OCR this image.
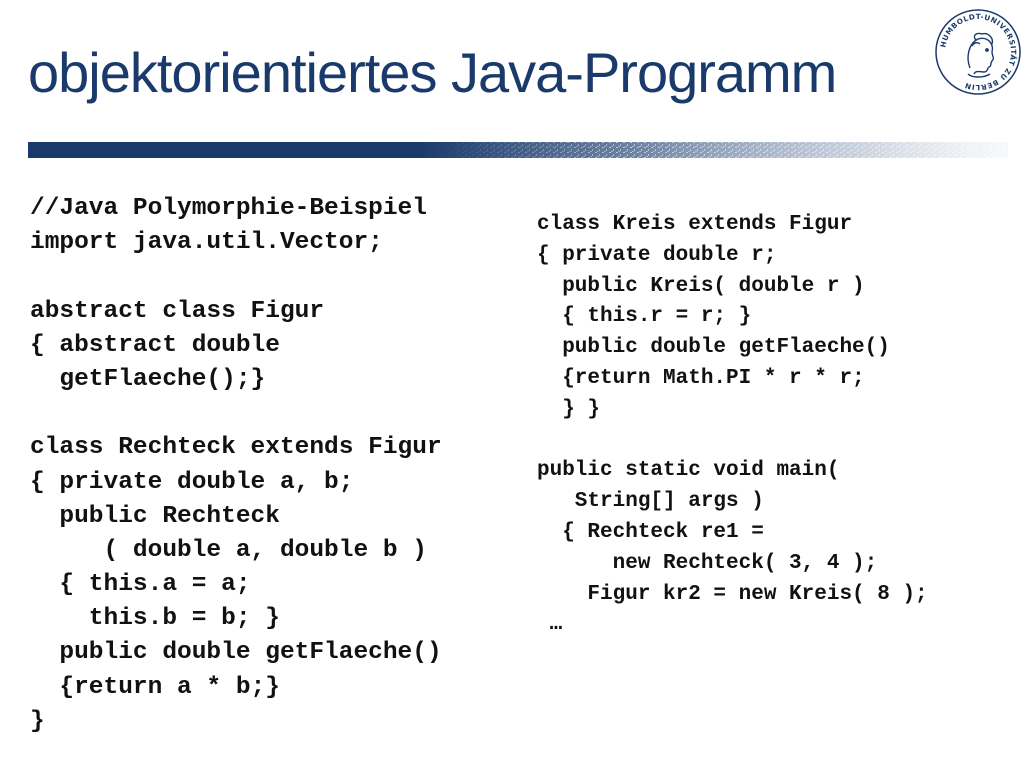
objektorientiertes Java-Programm	HUMBOLDT-UNIVERSITÄT ZU BERLIN
//Java Polymorphie-Beispiel
import java.util.Vector;
abstract class Figur
{ abstract double
getFlaeche();}
class Rechteck extends Figur
{ private double a, b;
public Rechteck
( double a, double b )
{ this.a = a;
this.b = b; }
public double getFlaeche()
{return a * b;}
}
class Kreis extends Figur
{ private double r;
public Kreis( double r )
{ this.r = r; }
public double getFlaeche()
{return Math.PI * r * r;
} }
public static void main(
String[] args )
{ Rechteck re1 =
new Rechteck( 3, 4 );
Figur kr2 = new Kreis( 8 );
…
